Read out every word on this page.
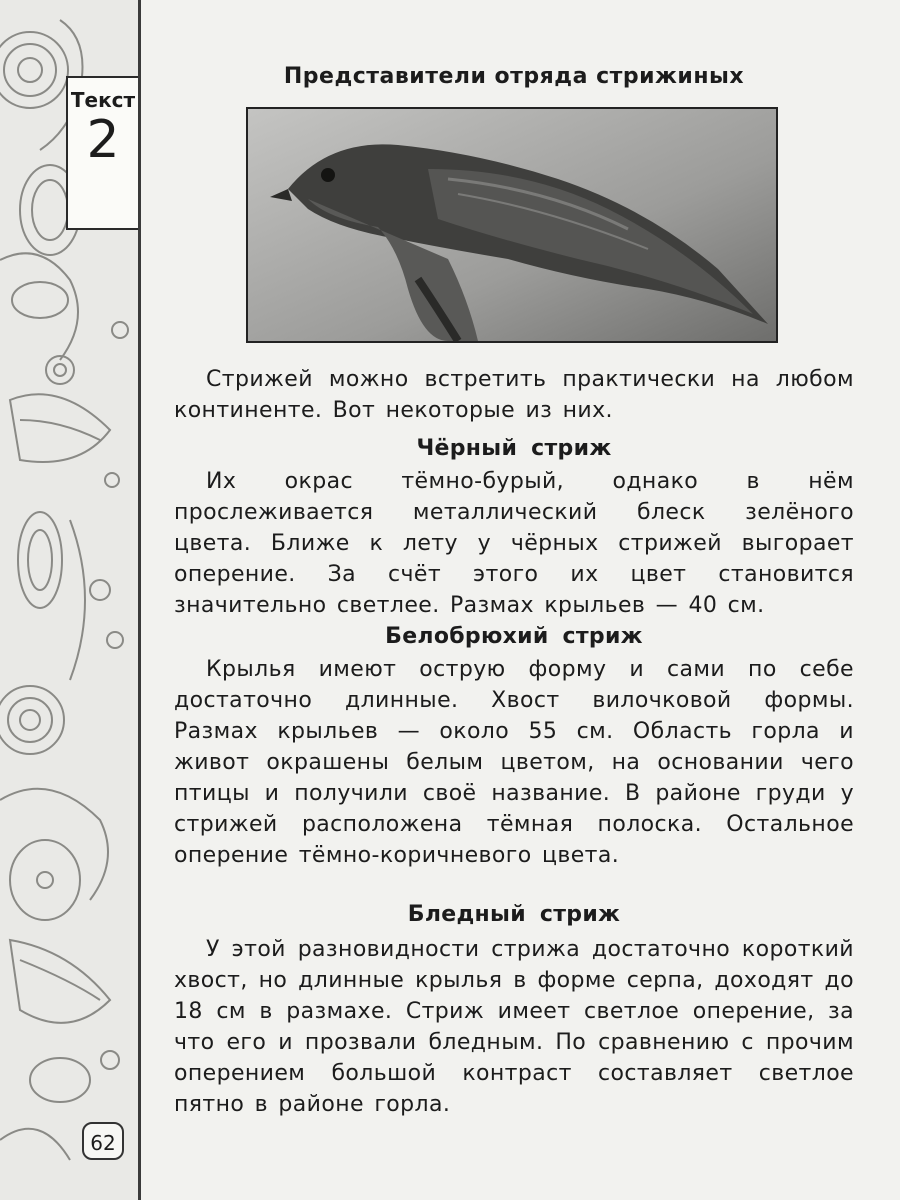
Текст
2
Представители отряда стрижиных

Стрижей можно встретить практически на любом континенте. Вот некоторые из них.

Чёрный стриж

Их окрас тёмно-бурый, однако в нём прослеживается металлический блеск зелёного цвета. Ближе к лету у чёрных стрижей выгорает оперение. За счёт этого их цвет становится значительно светлее. Размах крыльев — 40 см.

Белобрюхий стриж

Крылья имеют острую форму и сами по себе достаточно длинные. Хвост вилочковой формы. Размах крыльев — около 55 см. Область горла и живот окрашены белым цветом, на основании чего птицы и получили своё название. В районе груди у стрижей расположена тёмная полоска. Остальное оперение тёмно-коричневого цвета.

Бледный стриж

У этой разновидности стрижа достаточно короткий хвост, но длинные крылья в форме серпа, доходят до 18 см в размахе. Стриж имеет светлое оперение, за что его и прозвали бледным. По сравнению с прочим оперением большой контраст составляет светлое пятно в районе горла.

62
